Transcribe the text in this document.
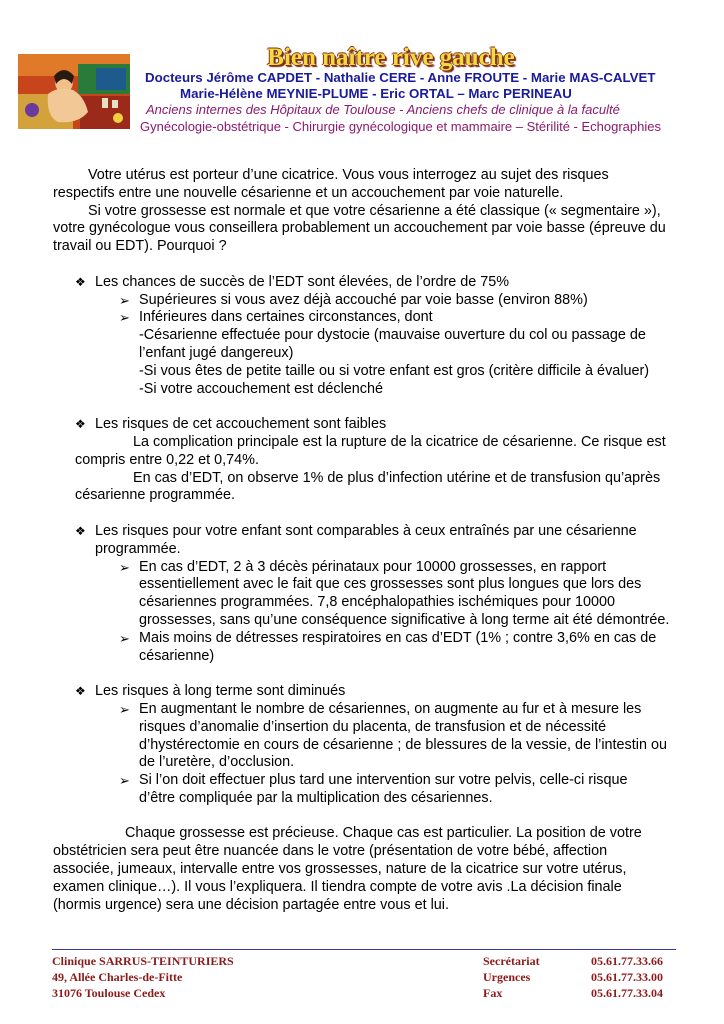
Bien naître rive gauche
Docteurs Jérôme CAPDET - Nathalie CERE - Anne FROUTE - Marie MAS-CALVET
Marie-Hélène MEYNIE-PLUME - Eric ORTAL – Marc PERINEAU
Anciens internes des Hôpitaux de Toulouse - Anciens chefs de clinique à la faculté
Gynécologie-obstétrique - Chirurgie gynécologique et mammaire – Stérilité - Echographies

Votre utérus est porteur d’une cicatrice. Vous vous interrogez au sujet des risques

respectifs entre une nouvelle césarienne et un accouchement par voie naturelle.

Si votre grossesse est normale et que votre césarienne a été classique (« segmentaire »),

votre gynécologue vous conseillera probablement un accouchement par voie basse (épreuve du

travail ou EDT). Pourquoi ?

❖ Les chances de succès de l’EDT sont élevées, de l’ordre de 75%
➢ Supérieures si vous avez déjà accouché par voie basse (environ 88%)
➢ Inférieures dans certaines circonstances, dont
-Césarienne effectuée pour dystocie (mauvaise ouverture du col ou passage de
l’enfant jugé dangereux)
-Si vous êtes de petite taille ou si votre enfant est gros (critère difficile à évaluer)
-Si votre accouchement est déclenché
❖ Les risques de cet accouchement sont faibles
La complication principale est la rupture de la cicatrice de césarienne. Ce risque est
compris entre 0,22 et 0,74%.
En cas d’EDT, on observe 1% de plus d’infection utérine et de transfusion qu’après
césarienne programmée.
❖ Les risques pour votre enfant sont comparables à ceux entraînés par une césarienne
programmée.
➢ En cas d’EDT, 2 à 3 décès périnataux pour 10000 grossesses, en rapport
essentiellement avec le fait que ces grossesses sont plus longues que lors des
césariennes programmées. 7,8 encéphalopathies ischémiques pour 10000
grossesses, sans qu’une conséquence significative à long terme ait été démontrée.
➢ Mais moins de détresses respiratoires en cas d’EDT (1% ; contre 3,6% en cas de
césarienne)
❖ Les risques à long terme sont diminués
➢ En augmentant le nombre de césariennes, on augmente au fur et à mesure les
risques d’anomalie d’insertion du placenta, de transfusion et de nécessité
d’hystérectomie en cours de césarienne ; de blessures de la vessie, de l’intestin ou
de l’uretère, d’occlusion.
➢ Si l’on doit effectuer plus tard une intervention sur votre pelvis, celle-ci risque
d’être compliquée par la multiplication des césariennes.

Chaque grossesse est précieuse. Chaque cas est particulier. La position de votre

obstétricien sera peut être nuancée dans le votre (présentation de votre bébé, affection

associée, jumeaux, intervalle entre vos grossesses, nature de la cicatrice sur votre utérus,

examen clinique…). Il vous l’expliquera. Il tiendra compte de votre avis .La décision finale

(hormis urgence) sera une décision partagée entre vous et lui.

Clinique SARRUS-TEINTURIERS
49, Allée Charles-de-Fitte
31076 Toulouse Cedex
Secrétariat
Urgences
Fax
05.61.77.33.66
05.61.77.33.00
05.61.77.33.04
